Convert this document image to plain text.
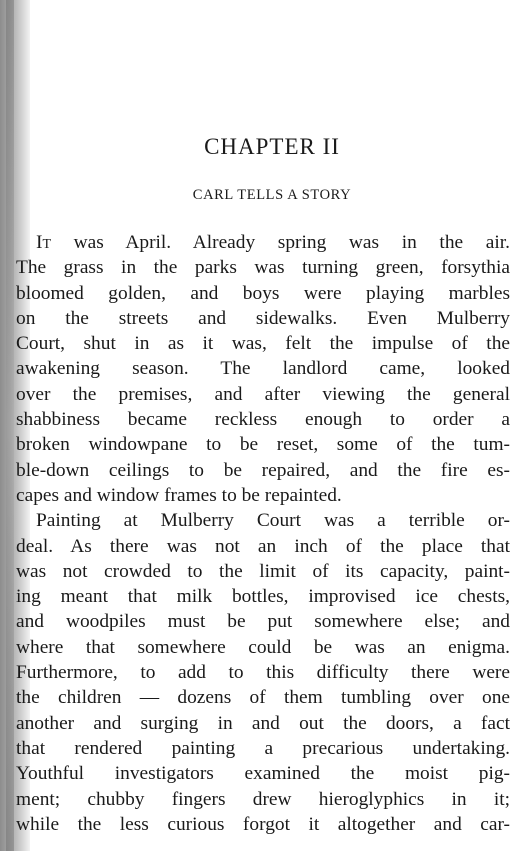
CHAPTER II
CARL TELLS A STORY
It was April. Already spring was in the air.
The grass in the parks was turning green, forsythia
bloomed golden, and boys were playing marbles
on the streets and sidewalks. Even Mulberry
Court, shut in as it was, felt the impulse of the
awakening season. The landlord came, looked
over the premises, and after viewing the general
shabbiness became reckless enough to order a
broken windowpane to be reset, some of the tum-
ble-down ceilings to be repaired, and the fire es-
capes and window frames to be repainted.
Painting at Mulberry Court was a terrible or-
deal. As there was not an inch of the place that
was not crowded to the limit of its capacity, paint-
ing meant that milk bottles, improvised ice chests,
and woodpiles must be put somewhere else; and
where that somewhere could be was an enigma.
Furthermore, to add to this difficulty there were
the children — dozens of them tumbling over one
another and surging in and out the doors, a fact
that rendered painting a precarious undertaking.
Youthful investigators examined the moist pig-
ment; chubby fingers drew hieroglyphics in it;
while the less curious forgot it altogether and car-
